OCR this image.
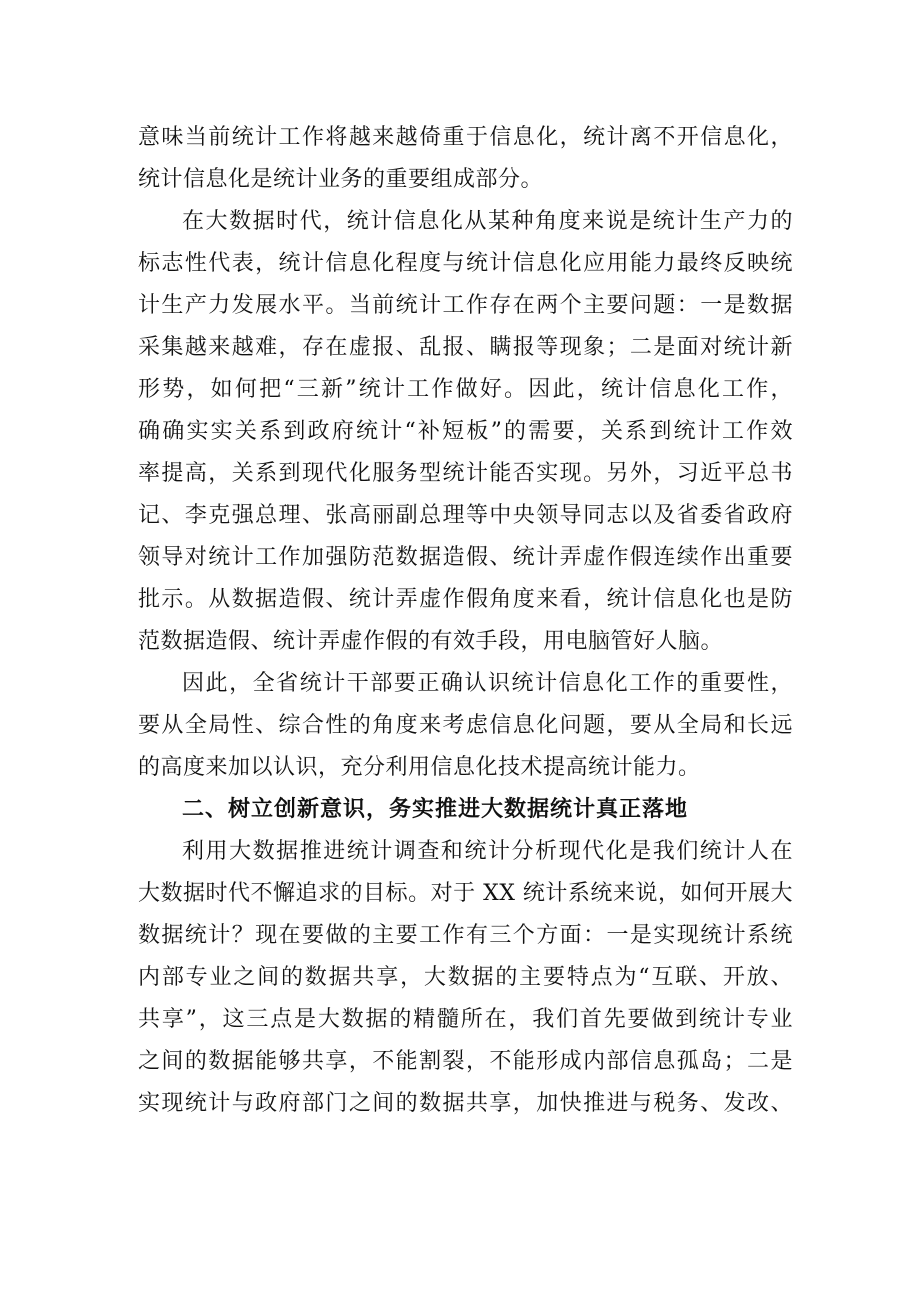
意味当前统计工作将越来越倚重于信息化，统计离不开信息化，
统计信息化是统计业务的重要组成部分。
在大数据时代，统计信息化从某种角度来说是统计生产力的
标志性代表，统计信息化程度与统计信息化应用能力最终反映统
计生产力发展水平。当前统计工作存在两个主要问题：一是数据
采集越来越难，存在虚报、乱报、瞒报等现象；二是面对统计新
形势，如何把“三新”统计工作做好。因此，统计信息化工作，
确确实实关系到政府统计“补短板”的需要，关系到统计工作效
率提高，关系到现代化服务型统计能否实现。另外，习近平总书
记、李克强总理、张高丽副总理等中央领导同志以及省委省政府
领导对统计工作加强防范数据造假、统计弄虚作假连续作出重要
批示。从数据造假、统计弄虚作假角度来看，统计信息化也是防
范数据造假、统计弄虚作假的有效手段，用电脑管好人脑。
因此，全省统计干部要正确认识统计信息化工作的重要性，
要从全局性、综合性的角度来考虑信息化问题，要从全局和长远
的高度来加以认识，充分利用信息化技术提高统计能力。
二、树立创新意识，务实推进大数据统计真正落地
利用大数据推进统计调查和统计分析现代化是我们统计人在
大数据时代不懈追求的目标。对于 XX 统计系统来说，如何开展大
数据统计？现在要做的主要工作有三个方面：一是实现统计系统
内部专业之间的数据共享，大数据的主要特点为“互联、开放、
共享”，这三点是大数据的精髓所在，我们首先要做到统计专业
之间的数据能够共享，不能割裂，不能形成内部信息孤岛；二是
实现统计与政府部门之间的数据共享，加快推进与税务、发改、
